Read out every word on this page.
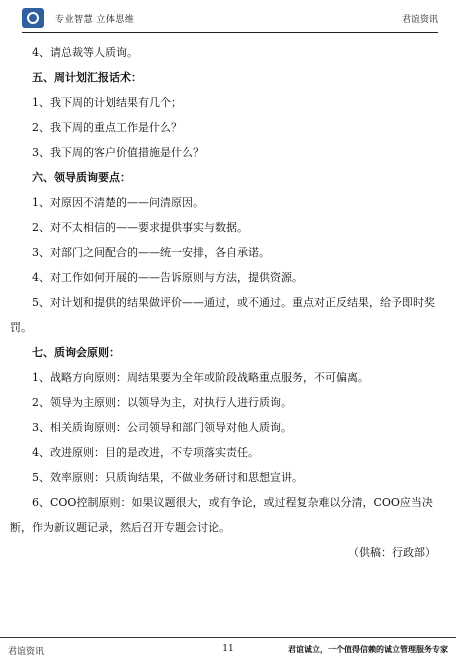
专业智慧 立体思维	君谊资讯
4、请总裁等人质询。
五、周计划汇报话术：
1、我下周的计划结果有几个；
2、我下周的重点工作是什么？
3、我下周的客户价值措施是什么？
六、领导质询要点：
1、对原因不清楚的——问清原因。
2、对不太相信的——要求提供事实与数据。
3、对部门之间配合的——统一安排，各自承诺。
4、对工作如何开展的——告诉原则与方法，提供资源。
5、对计划和提供的结果做评价——通过，或不通过。重点对正反结果，给予即时奖罚。
七、质询会原则：
1、战略方向原则：周结果要为全年或阶段战略重点服务，不可偏离。
2、领导为主原则：以领导为主，对执行人进行质询。
3、相关质询原则：公司领导和部门领导对他人质询。
4、改进原则：目的是改进，不专项落实责任。
5、效率原则：只质询结果，不做业务研讨和思想宣讲。
6、COO控制原则：如果议题很大，或有争论，或过程复杂难以分清，COO应当决断，作为新议题记录，然后召开专题会讨论。
（供稿：行政部）
君谊资讯	11	君谊诚立，一个值得信赖的诚立管理服务专家
